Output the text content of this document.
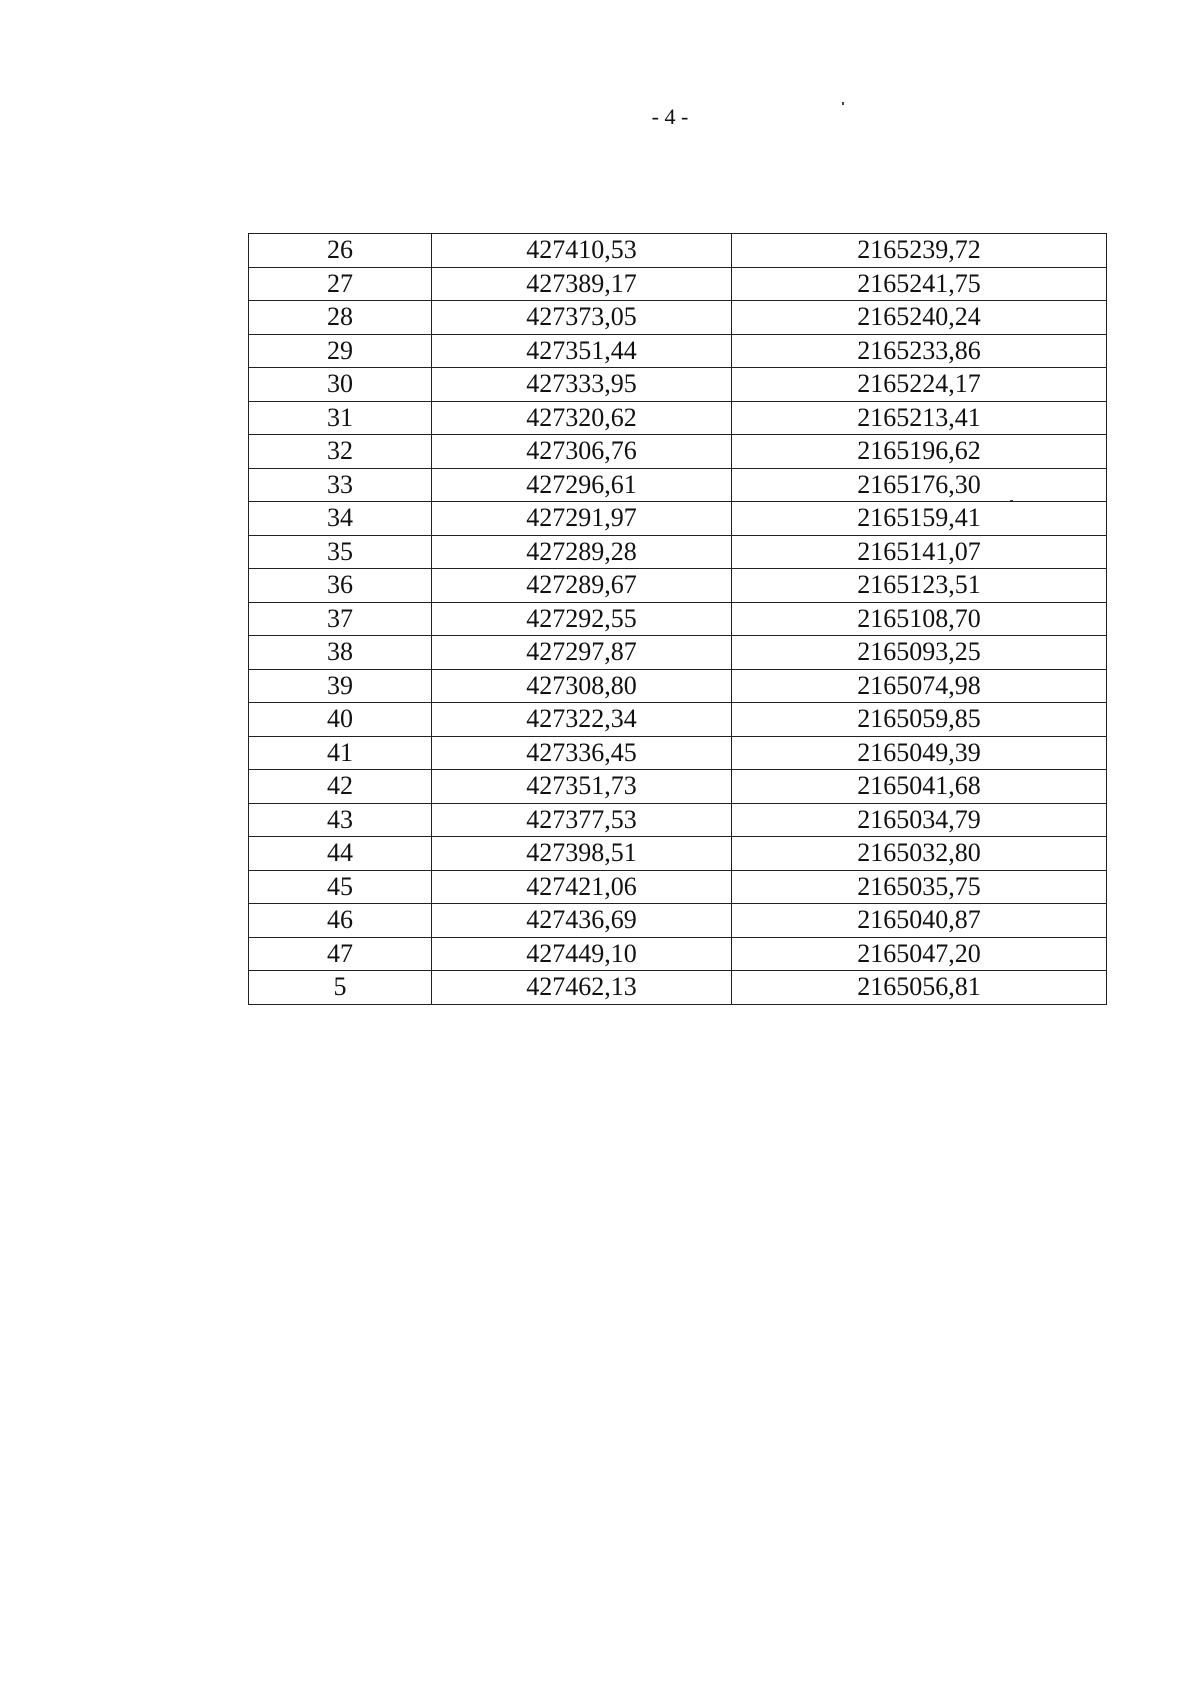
- 4 -
26	427410,53	2165239,72
27	427389,17	2165241,75
28	427373,05	2165240,24
29	427351,44	2165233,86
30	427333,95	2165224,17
31	427320,62	2165213,41
32	427306,76	2165196,62
33	427296,61	2165176,30
34	427291,97	2165159,41
35	427289,28	2165141,07
36	427289,67	2165123,51
37	427292,55	2165108,70
38	427297,87	2165093,25
39	427308,80	2165074,98
40	427322,34	2165059,85
41	427336,45	2165049,39
42	427351,73	2165041,68
43	427377,53	2165034,79
44	427398,51	2165032,80
45	427421,06	2165035,75
46	427436,69	2165040,87
47	427449,10	2165047,20
5	427462,13	2165056,81
